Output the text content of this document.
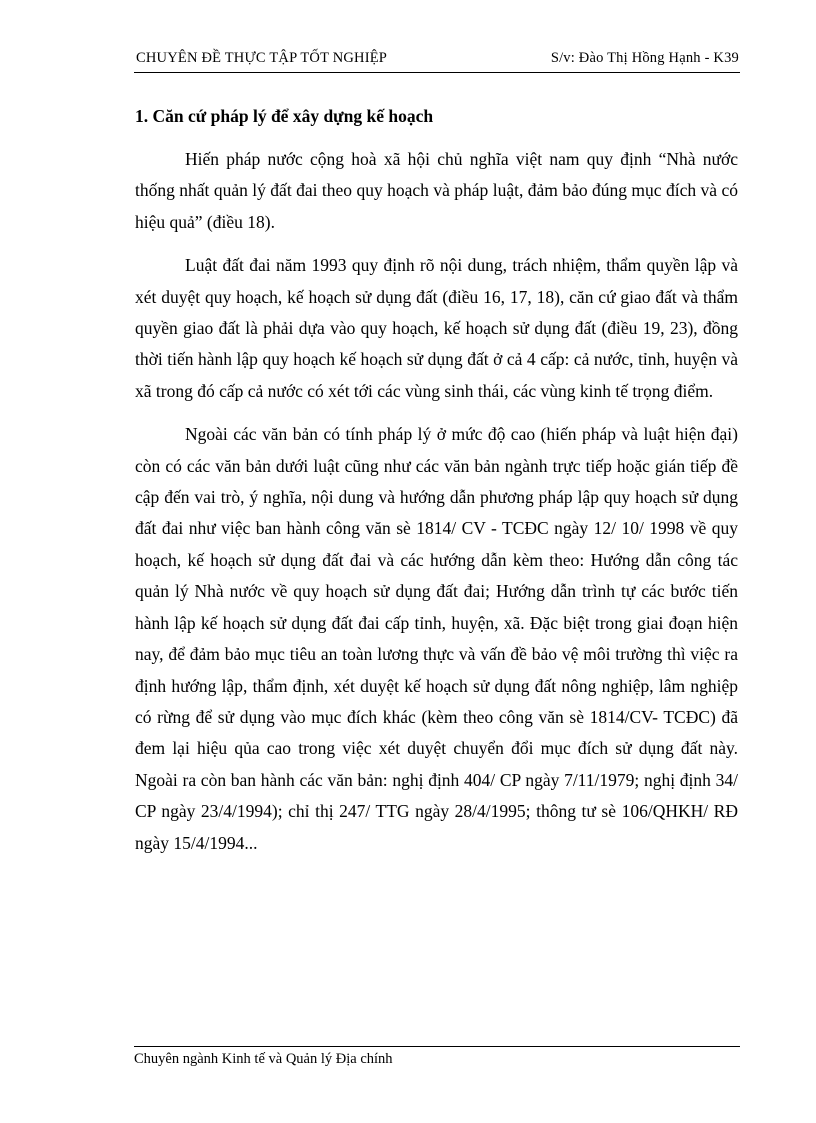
CHUYÊN ĐỀ THỰC TẬP TỐT NGHIỆP	S/v: Đào Thị Hồng Hạnh - K39
1. Căn cứ pháp lý để xây dựng kế hoạch

Hiến pháp nước cộng hoà xã hội chủ nghĩa việt nam quy định “Nhà nước thống nhất quản lý đất đai theo quy hoạch và pháp luật, đảm bảo đúng mục đích và có hiệu quả” (điều 18).

Luật đất đai năm 1993 quy định rõ nội dung, trách nhiệm, thẩm quyền lập và xét duyệt quy hoạch, kế hoạch sử dụng đất (điều 16, 17, 18), căn cứ giao đất và thẩm quyền giao đất là phải dựa vào quy hoạch, kế hoạch sử dụng đất (điều 19, 23), đồng thời tiến hành lập quy hoạch kế hoạch sử dụng đất ở cả 4 cấp: cả nước, tỉnh, huyện và xã trong đó cấp cả nước có xét tới các vùng sinh thái, các vùng kinh tế trọng điểm.

Ngoài các văn bản có tính pháp lý ở mức độ cao (hiến pháp và luật hiện đại) còn có các văn bản dưới luật cũng như các văn bản ngành trực tiếp hoặc gián tiếp đề cập đến vai trò, ý nghĩa, nội dung và hướng dẫn phương pháp lập quy hoạch sử dụng đất đai như việc ban hành công văn sè 1814/ CV - TCĐC ngày 12/ 10/ 1998 về quy hoạch, kế hoạch sử dụng đất đai và các hướng dẫn kèm theo: Hướng dẫn công tác quản lý Nhà nước về quy hoạch sử dụng đất đai; Hướng dẫn trình tự các bước tiến hành lập kế hoạch sử dụng đất đai cấp tỉnh, huyện, xã. Đặc biệt trong giai đoạn hiện nay, để đảm bảo mục tiêu an toàn lương thực và vấn đề bảo vệ môi trường thì việc ra định hướng lập, thẩm định, xét duyệt kế hoạch sử dụng đất nông nghiệp, lâm nghiệp có rừng để sử dụng vào mục đích khác (kèm theo công văn sè 1814/CV- TCĐC) đã đem lại hiệu qủa cao trong việc xét duyệt chuyển đổi mục đích sử dụng đất này. Ngoài ra còn ban hành các văn bản: nghị định 404/ CP ngày 7/11/1979; nghị định 34/ CP ngày 23/4/1994); chỉ thị 247/ TTG ngày 28/4/1995; thông tư sè 106/QHKH/ RĐ ngày 15/4/1994...

Chuyên ngành Kinh tế và Quản lý Địa chính
